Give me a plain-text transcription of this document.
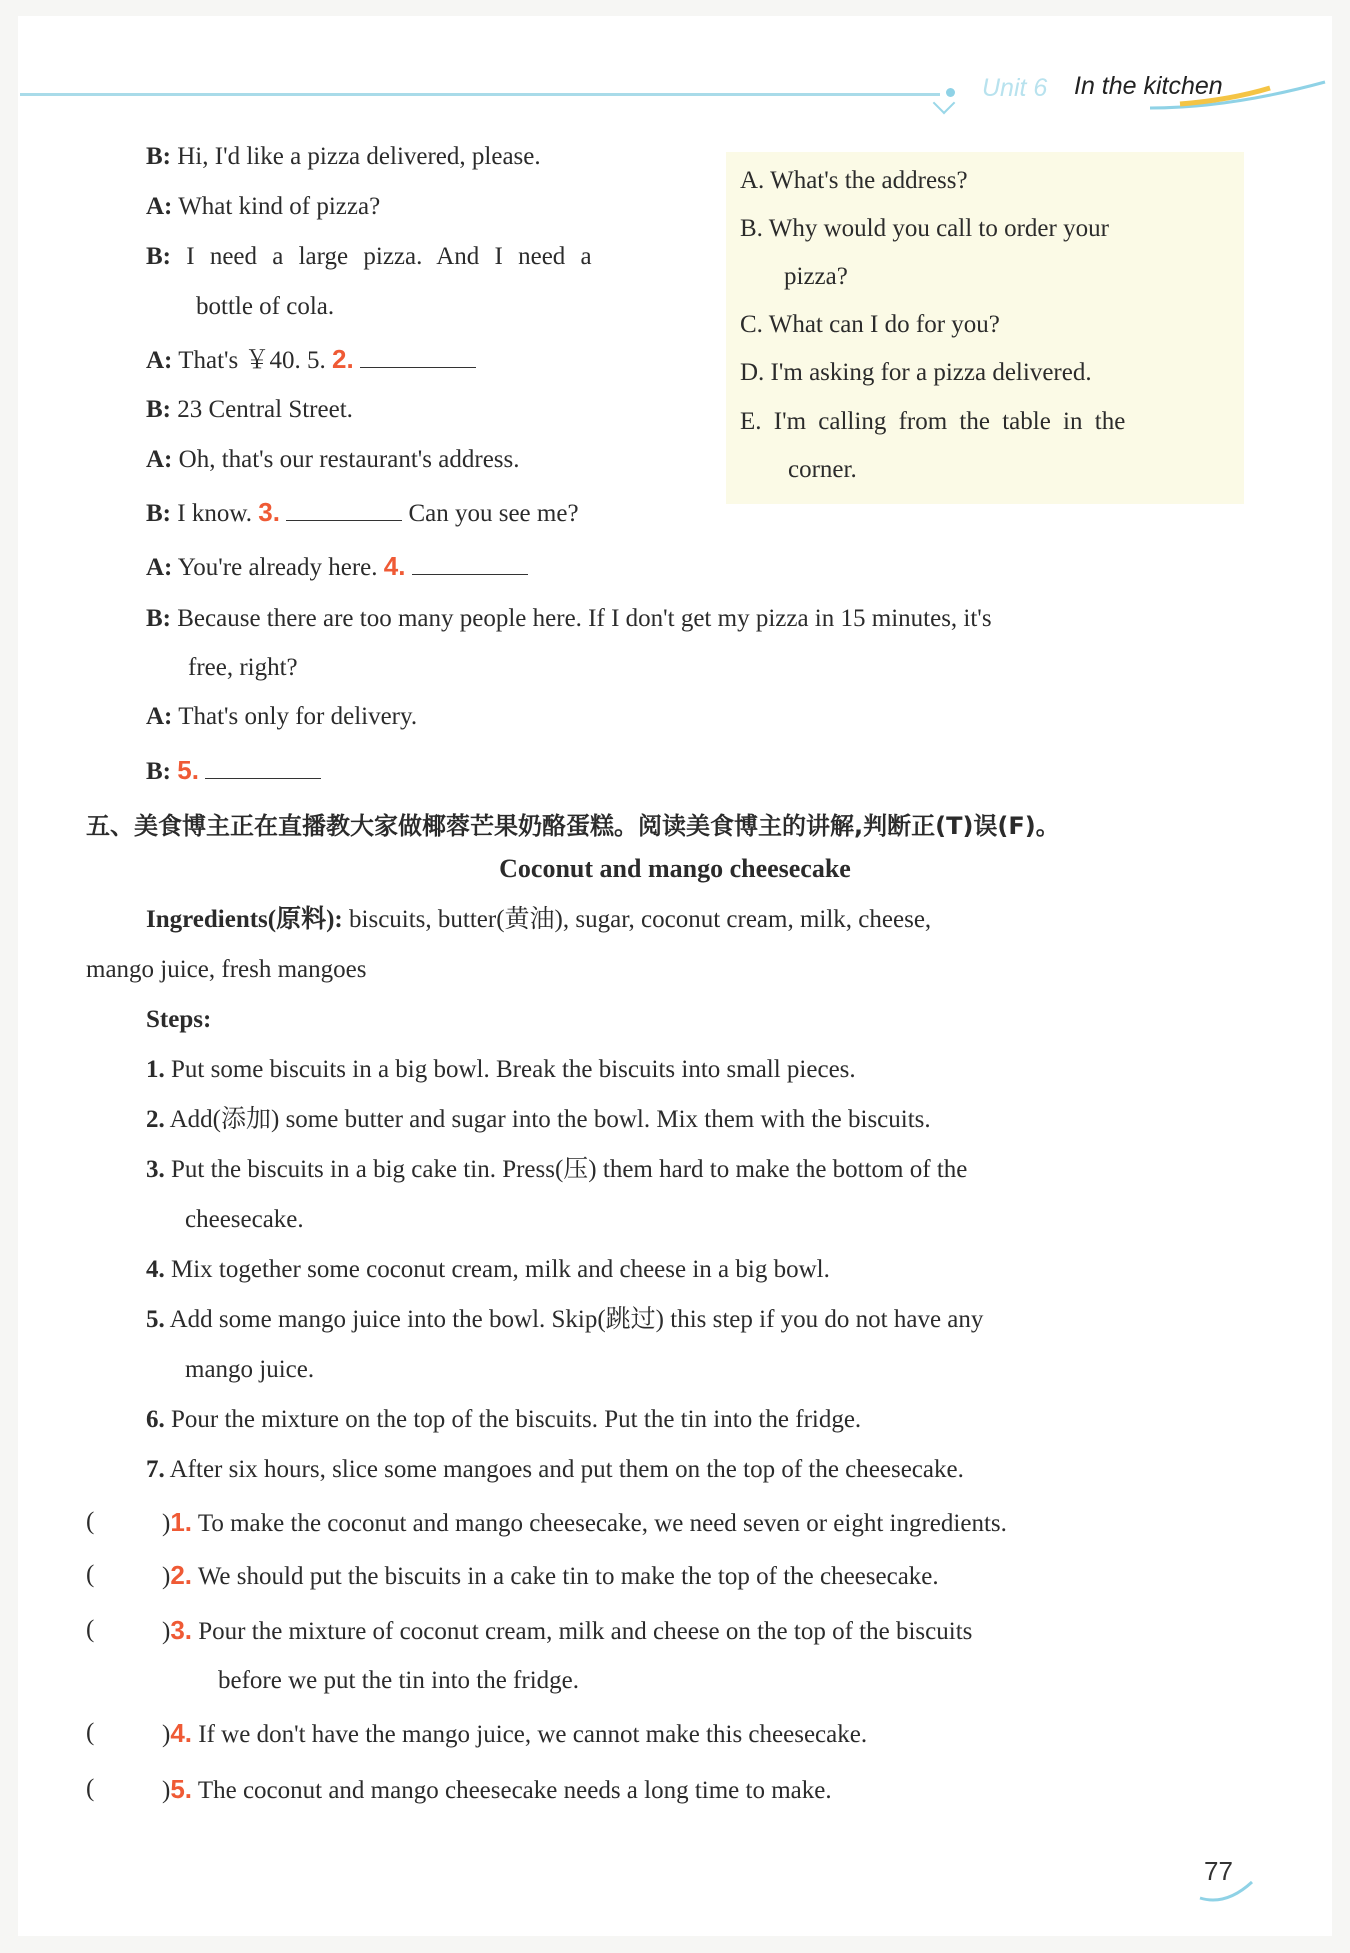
Unit 6 In the kitchen
B: Hi, I'd like a pizza delivered, please.
A: What kind of pizza?
B: I need a large pizza. And I need a
bottle of cola.
A: That's ￥40. 5. 2.
B: 23 Central Street.
A: Oh, that's our restaurant's address.
B: I know. 3.	Can you see me?
A: You're already here. 4.
B: Because there are too many people here. If I don't get my pizza in 15 minutes, it's
free, right?
A: That's only for delivery.
B: 5.
A. What's the address?
B. Why would you call to order your
pizza?
C. What can I do for you?
D. I'm asking for a pizza delivered.
E. I'm calling from the table in the
corner.
五、美食博主正在直播教大家做椰蓉芒果奶酪蛋糕。阅读美食博主的讲解,判断正(T)误(F)。
Coconut and mango cheesecake
Ingredients(原料): biscuits, butter(黄油), sugar, coconut cream, milk, cheese,
mango juice, fresh mangoes
Steps:
1. Put some biscuits in a big bowl. Break the biscuits into small pieces.
2. Add(添加) some butter and sugar into the bowl. Mix them with the biscuits.
3. Put the biscuits in a big cake tin. Press(压) them hard to make the bottom of the
cheesecake.
4. Mix together some coconut cream, milk and cheese in a big bowl.
5. Add some mango juice into the bowl. Skip(跳过) this step if you do not have any
mango juice.
6. Pour the mixture on the top of the biscuits. Put the tin into the fridge.
7. After six hours, slice some mangoes and put them on the top of the cheesecake.
(	)1. To make the coconut and mango cheesecake, we need seven or eight ingredients.
(	)2. We should put the biscuits in a cake tin to make the top of the cheesecake.
(	)3. Pour the mixture of coconut cream, milk and cheese on the top of the biscuits
before we put the tin into the fridge.
(	)4. If we don't have the mango juice, we cannot make this cheesecake.
(	)5. The coconut and mango cheesecake needs a long time to make.
77
